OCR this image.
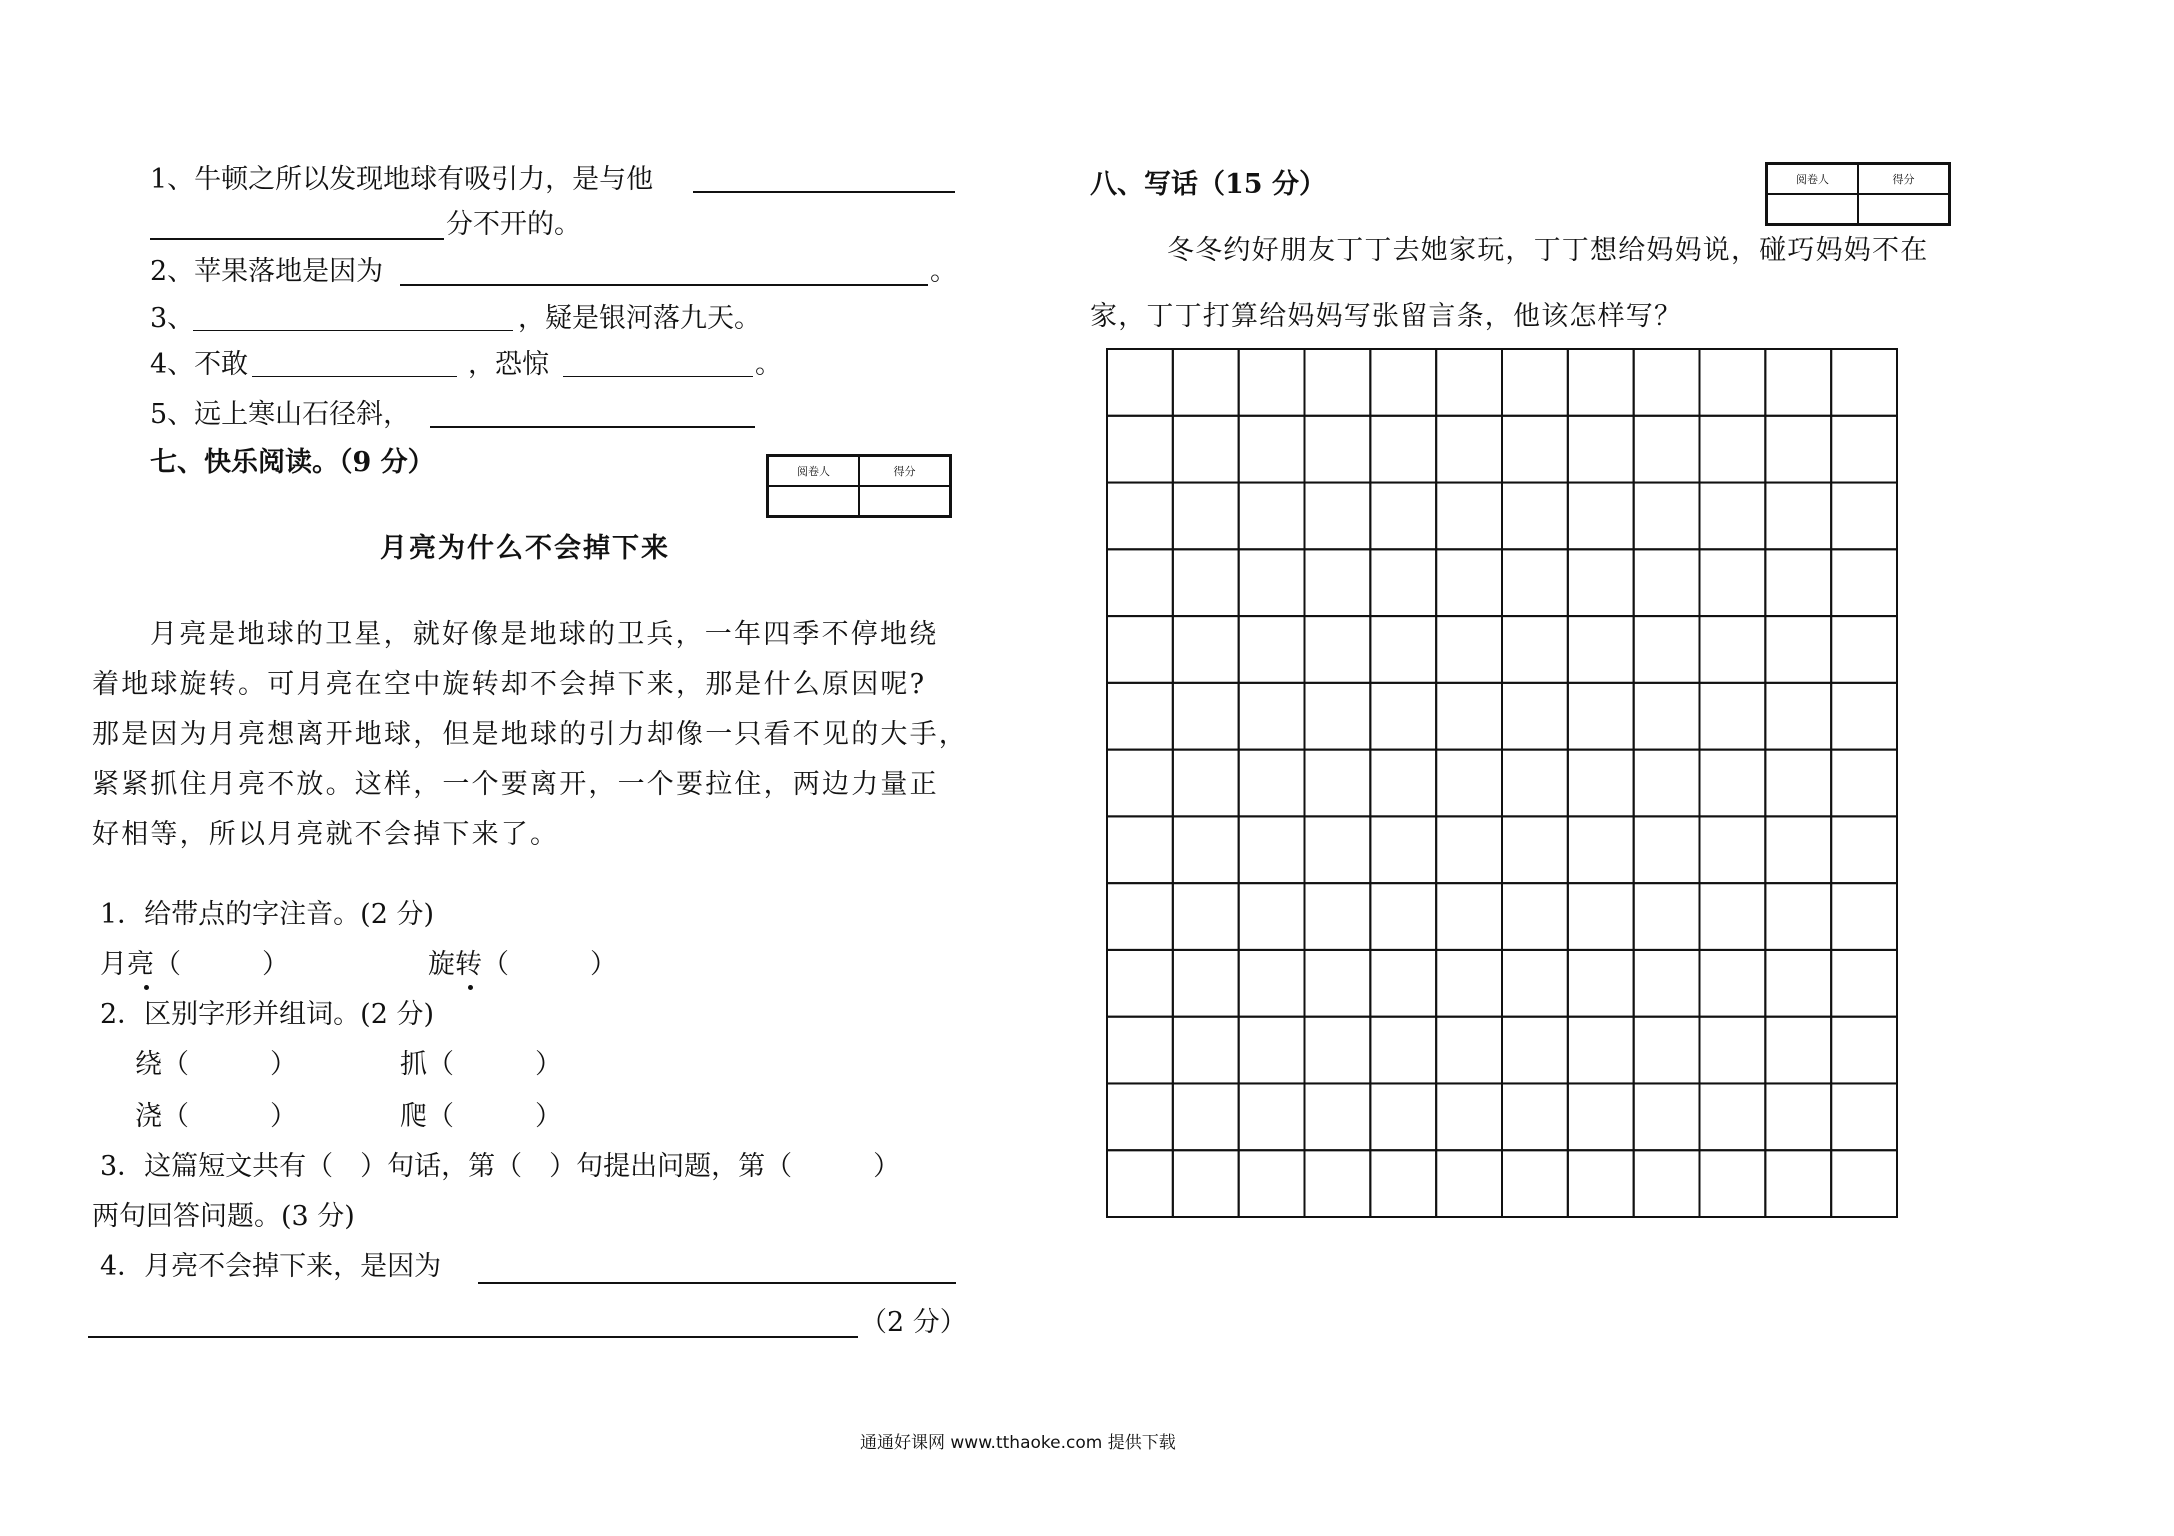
1、牛顿之所以发现地球有吸引力，是与他
分不开的。
2、苹果落地是因为	。
3、	，疑是银河落九天。
4、不敢	，恐惊	。
5、远上寒山石径斜，
七、快乐阅读。（9 分）	阅卷人	得分
月亮为什么不会掉下来
月亮是地球的卫星，就好像是地球的卫兵，一年四季不停地绕
着地球旋转。可月亮在空中旋转却不会掉下来，那是什么原因呢?
那是因为月亮想离开地球，但是地球的引力却像一只看不见的大手，
紧紧抓住月亮不放。这样，一个要离开，一个要拉住，两边力量正
好相等，所以月亮就不会掉下来了。
1．给带点的字注音。(2 分)
月亮（　　　）	旋转（　　　）
2．区别字形并组词。(2 分)
绕（　　　）	抓（　　　）
浇（　　　）	爬（　　　）
3．这篇短文共有（　）句话，第（　）句提出问题，第（　　　）
两句回答问题。(3 分)
4．月亮不会掉下来，是因为
（2 分）
八、写话（15 分）	阅卷人	得分
冬冬约好朋友丁丁去她家玩，丁丁想给妈妈说，碰巧妈妈不在
家，丁丁打算给妈妈写张留言条，他该怎样写？
通通好课网 www.tthaoke.com 提供下载
